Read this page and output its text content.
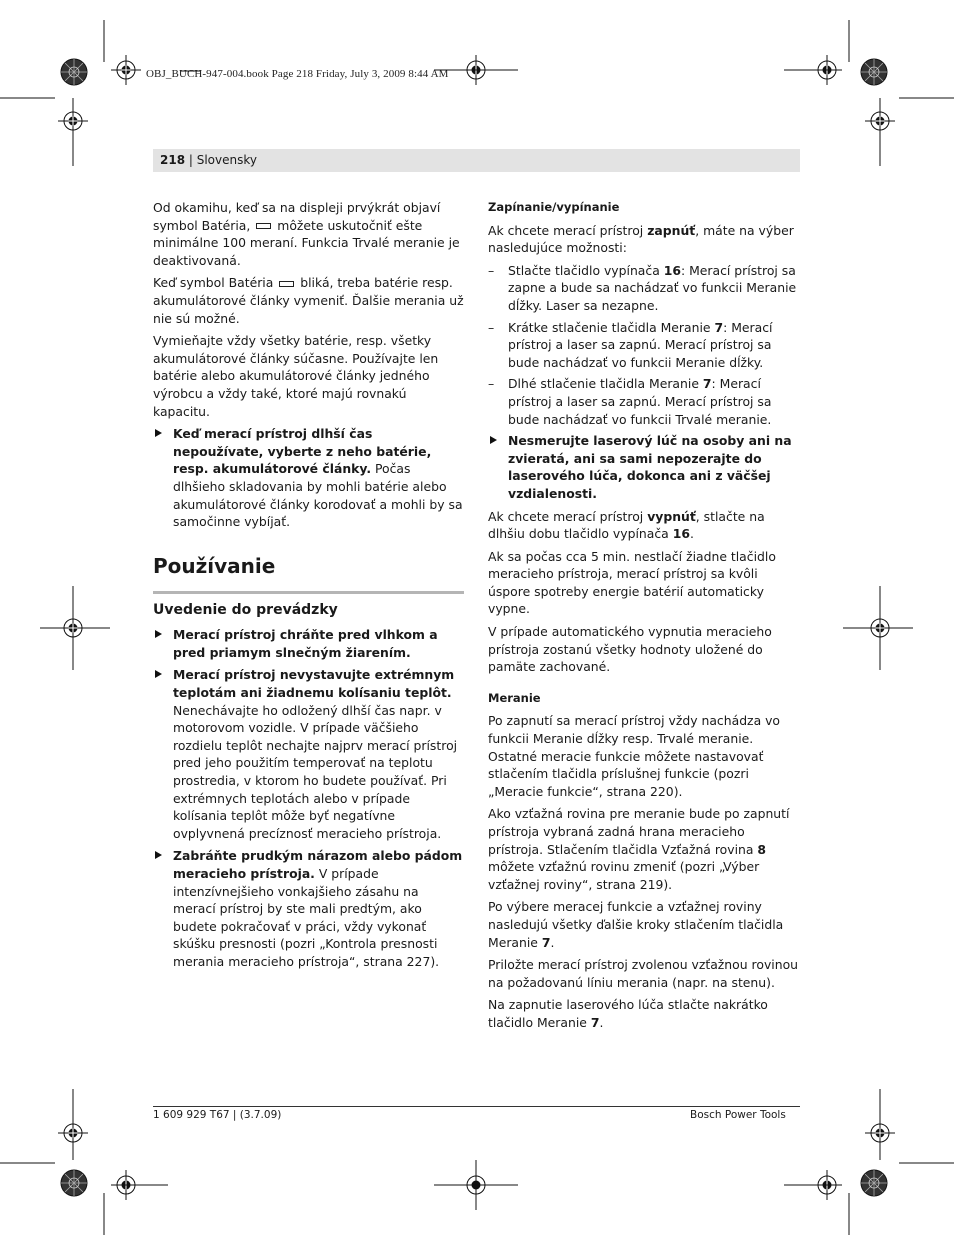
OBJ_BUCH-947-004.book Page 218 Friday, July 3, 2009 8:44 AM
218 | Slovensky

Od okamihu, keď sa na displeji prvýkrát objaví symbol Batéria, môžete uskutočniť ešte minimálne 100 meraní. Funkcia Trvalé meranie je deaktivovaná.

Keď symbol Batéria bliká, treba batérie resp. akumulátorové články vymeniť. Ďalšie merania už nie sú možné.

Vymieňajte vždy všetky batérie, resp. všetky akumulátorové články súčasne. Používajte len batérie alebo akumulátorové články jedného výrobcu a vždy také, ktoré majú rovnakú kapacitu.

Keď merací prístroj dlhší čas nepoužívate, vyberte z neho batérie, resp. akumulátorové články. Počas dlhšieho skladovania by mohli batérie alebo akumulátorové články korodovať a mohli by sa samočinne vybíjať.
Používanie
Uvedenie do prevádzky
Merací prístroj chráňte pred vlhkom a pred priamym slnečným žiarením.
Merací prístroj nevystavujte extrémnym teplotám ani žiadnemu kolísaniu teplôt. Nenechávajte ho odložený dlhší čas napr. v motorovom vozidle. V prípade väčšieho rozdielu teplôt nechajte najprv merací prístroj pred jeho použitím temperovať na teplotu prostredia, v ktorom ho budete používať. Pri extrémnych teplotách alebo v prípade kolísania teplôt môže byť negatívne ovplyvnená precíznosť meracieho prístroja.
Zabráňte prudkým nárazom alebo pádom meracieho prístroja. V prípade intenzívnejšieho vonkajšieho zásahu na merací prístroj by ste mali predtým, ako budete pokračovať v práci, vždy vykonať skúšku presnosti (pozri „Kontrola presnosti merania meracieho prístroja“, strana 227).
Zapínanie/vypínanie

Ak chcete merací prístroj zapnúť, máte na výber nasledujúce možnosti:

– Stlačte tlačidlo vypínača 16: Merací prístroj sa zapne a bude sa nachádzať vo funkcii Meranie dĺžky. Laser sa nezapne.
– Krátke stlačenie tlačidla Meranie 7: Merací prístroj a laser sa zapnú. Merací prístroj sa bude nachádzať vo funkcii Meranie dĺžky.
– Dlhé stlačenie tlačidla Meranie 7: Merací prístroj a laser sa zapnú. Merací prístroj sa bude nachádzať vo funkcii Trvalé meranie.
Nesmerujte laserový lúč na osoby ani na zvieratá, ani sa sami nepozerajte do laserového lúča, dokonca ani z väčšej vzdialenosti.

Ak chcete merací prístroj vypnúť, stlačte na dlhšiu dobu tlačidlo vypínača 16.

Ak sa počas cca 5 min. nestlačí žiadne tlačidlo meracieho prístroja, merací prístroj sa kvôli úspore spotreby energie batérií automaticky vypne.

V prípade automatického vypnutia meracieho prístroja zostanú všetky hodnoty uložené do pamäte zachované.

Meranie

Po zapnutí sa merací prístroj vždy nachádza vo funkcii Meranie dĺžky resp. Trvalé meranie. Ostatné meracie funkcie môžete nastavovať stlačením tlačidla príslušnej funkcie (pozri „Meracie funkcie“, strana 220).

Ako vzťažná rovina pre meranie bude po zapnutí prístroja vybraná zadná hrana meracieho prístroja. Stlačením tlačidla Vzťažná rovina 8 môžete vzťažnú rovinu zmeniť (pozri „Výber vzťažnej roviny“, strana 219).

Po výbere meracej funkcie a vzťažnej roviny nasledujú všetky ďalšie kroky stlačením tlačidla Meranie 7.

Priložte merací prístroj zvolenou vzťažnou rovinou na požadovanú líniu merania (napr. na stenu).

Na zapnutie laserového lúča stlačte nakrátko tlačidlo Meranie 7.

1 609 929 T67 | (3.7.09)	Bosch Power Tools
